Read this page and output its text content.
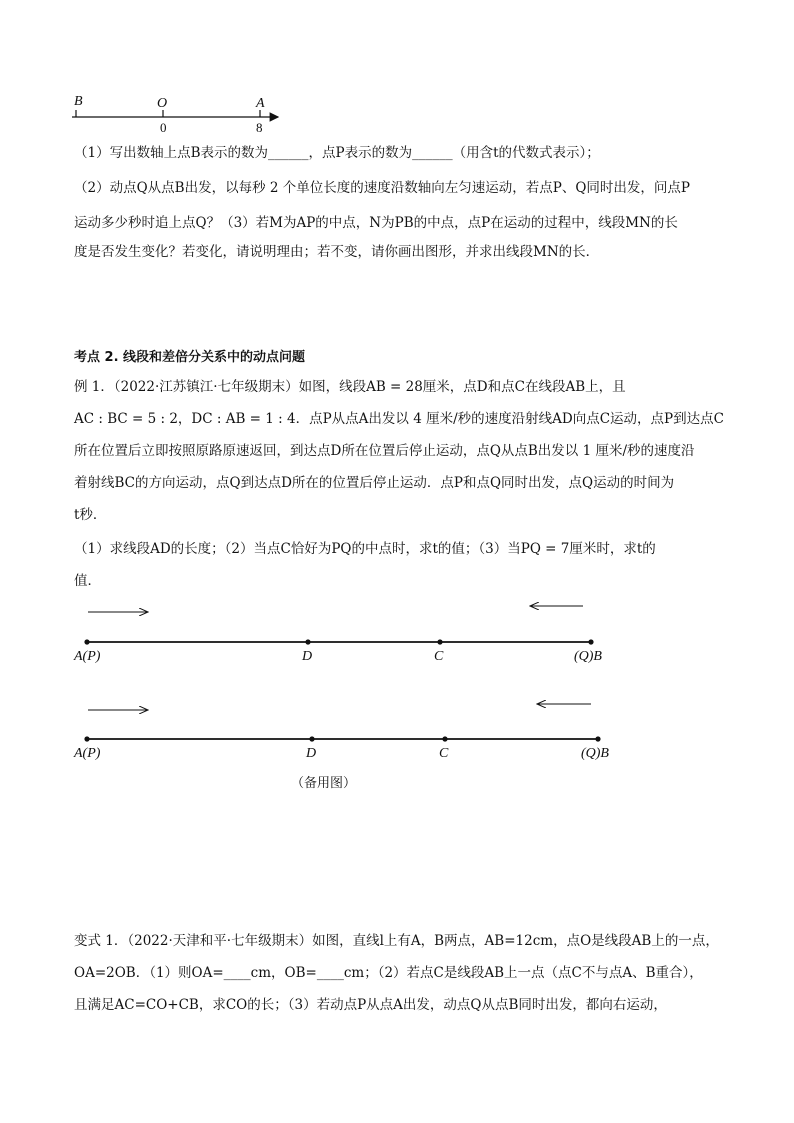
B	O	A
0	8
（1）写出数轴上点B表示的数为______，点P表示的数为______（用含t的代数式表示）；
（2）动点Q从点B出发，以每秒 2 个单位长度的速度沿数轴向左匀速运动，若点P、Q同时出发，问点P
运动多少秒时追上点Q？（3）若M为AP的中点，N为PB的中点，点P在运动的过程中，线段MN的长
度是否发生变化？若变化，请说明理由；若不变，请你画出图形，并求出线段MN的长．
考点 2. 线段和差倍分关系中的动点问题
例 1．（2022·江苏镇江·七年级期末）如图，线段AB = 28厘米，点D和点C在线段AB上，且
AC : BC = 5 : 2，DC : AB = 1 : 4．点P从点A出发以 4 厘米/秒的速度沿射线AD向点C运动，点P到达点C
所在位置后立即按照原路原速返回，到达点D所在位置后停止运动，点Q从点B出发以 1 厘米/秒的速度沿
着射线BC的方向运动，点Q到达点D所在的位置后停止运动．点P和点Q同时出发，点Q运动的时间为
t秒．
（1）求线段AD的长度；（2）当点C恰好为PQ的中点时，求t的值；（3）当PQ = 7厘米时，求t的
值．
A(P)	D	C	(Q)B
A(P)	D	C	(Q)B
（备用图）
变式 1．（2022·天津和平·七年级期末）如图，直线l上有A，B两点，AB=12cm，点O是线段AB上的一点，
OA=2OB．（1）则OA=____cm，OB=____cm；（2）若点C是线段AB上一点（点C不与点A、B重合），
且满足AC=CO+CB，求CO的长；（3）若动点P从点A出发，动点Q从点B同时出发，都向右运动，
